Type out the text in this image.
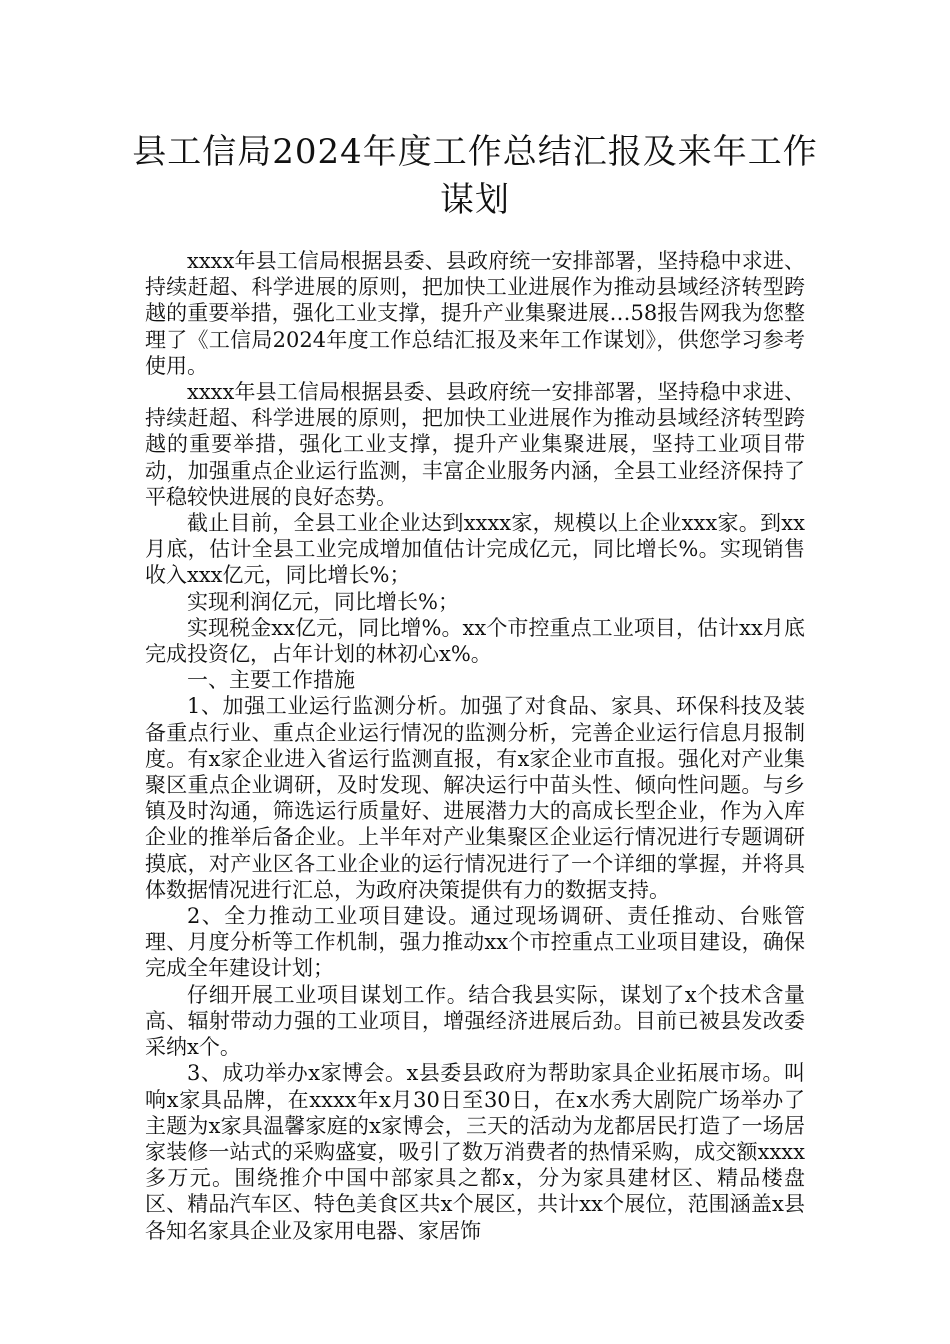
县工信局2024年度工作总结汇报及来年工作谋划

xxxx年县工信局根据县委、县政府统一安排部署，坚持稳中求进、持续赶超、科学进展的原则，把加快工业进展作为推动县域经济转型跨越的重要举措，强化工业支撑，提升产业集聚进展…58报告网我为您整理了《工信局2024年度工作总结汇报及来年工作谋划》，供您学习参考使用。

xxxx年县工信局根据县委、县政府统一安排部署，坚持稳中求进、持续赶超、科学进展的原则，把加快工业进展作为推动县域经济转型跨越的重要举措，强化工业支撑，提升产业集聚进展，坚持工业项目带动，加强重点企业运行监测，丰富企业服务内涵，全县工业经济保持了平稳较快进展的良好态势。

截止目前，全县工业企业达到xxxx家，规模以上企业xxx家。到xx月底，估计全县工业完成增加值估计完成亿元，同比增长%。实现销售收入xxx亿元，同比增长%；

实现利润亿元，同比增长%；

实现税金xx亿元，同比增%。xx个市控重点工业项目，估计xx月底完成投资亿，占年计划的林初心x%。

一、主要工作措施

1、加强工业运行监测分析。加强了对食品、家具、环保科技及装备重点行业、重点企业运行情况的监测分析，完善企业运行信息月报制度。有x家企业进入省运行监测直报，有x家企业市直报。强化对产业集聚区重点企业调研，及时发现、解决运行中苗头性、倾向性问题。与乡镇及时沟通，筛选运行质量好、进展潜力大的高成长型企业，作为入库企业的推举后备企业。上半年对产业集聚区企业运行情况进行专题调研摸底，对产业区各工业企业的运行情况进行了一个详细的掌握，并将具体数据情况进行汇总，为政府决策提供有力的数据支持。

2、全力推动工业项目建设。通过现场调研、责任推动、台账管理、月度分析等工作机制，强力推动xx个市控重点工业项目建设，确保完成全年建设计划；

仔细开展工业项目谋划工作。结合我县实际，谋划了x个技术含量高、辐射带动力强的工业项目，增强经济进展后劲。目前已被县发改委采纳x个。

3、成功举办x家博会。x县委县政府为帮助家具企业拓展市场。叫响x家具品牌，在xxxx年x月30日至30日，在x水秀大剧院广场举办了主题为x家具温馨家庭的x家博会，三天的活动为龙都居民打造了一场居家装修一站式的采购盛宴，吸引了数万消费者的热情采购，成交额xxxx多万元。围绕推介中国中部家具之都x，分为家具建材区、精品楼盘区、精品汽车区、特色美食区共x个展区，共计xx个展位，范围涵盖x县各知名家具企业及家用电器、家居饰
